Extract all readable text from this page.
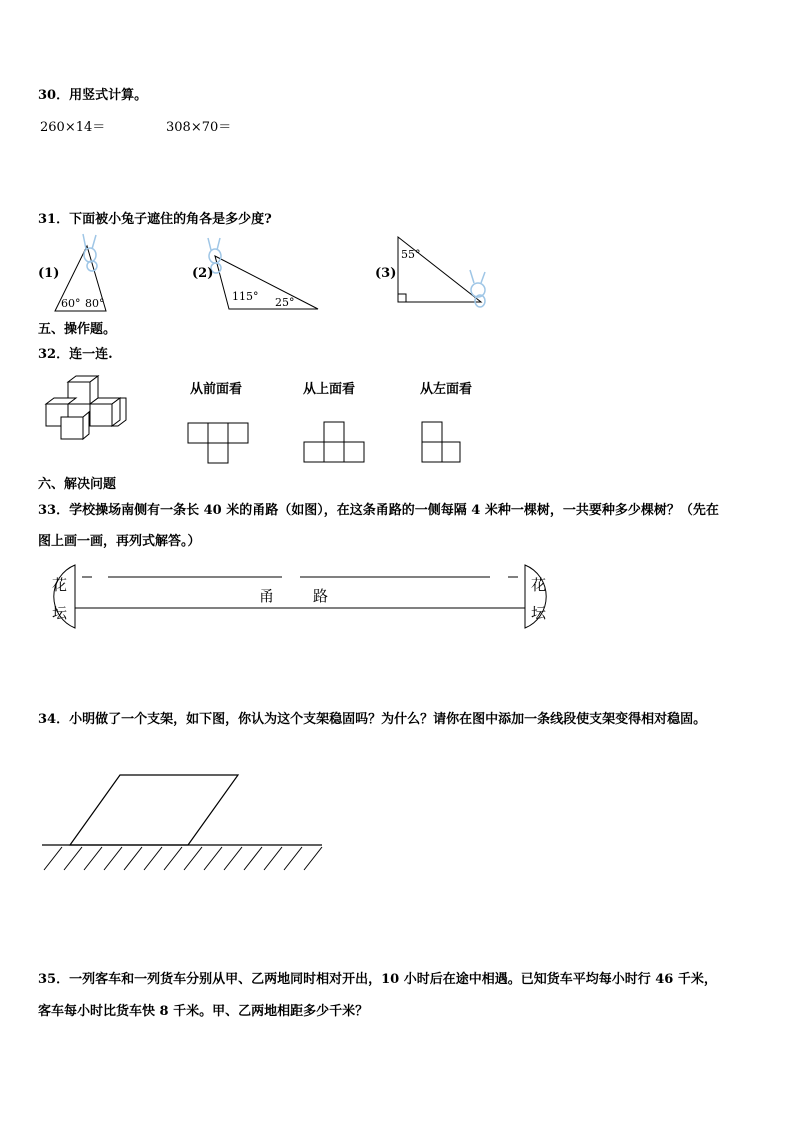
30．用竖式计算。
260×14＝	308×70＝
31．下面被小兔子遮住的角各是多少度?
(1)
60° 80°
(2)
115° 25°
(3)
55°
五、操作题。
32．连一连.
从前面看	从上面看	从左面看
六、解决问题
33．学校操场南侧有一条长 40 米的甬路（如图），在这条甬路的一侧每隔 4 米种一棵树，一共要种多少棵树？（先在
图上画一画，再列式解答。）
花
坛
花
坛
甬	路
34．小明做了一个支架，如下图，你认为这个支架稳固吗？为什么？请你在图中添加一条线段使支架变得相对稳固。
35．一列客车和一列货车分别从甲、乙两地同时相对开出，10 小时后在途中相遇。已知货车平均每小时行 46 千米，
客车每小时比货车快 8 千米。甲、乙两地相距多少千米？
